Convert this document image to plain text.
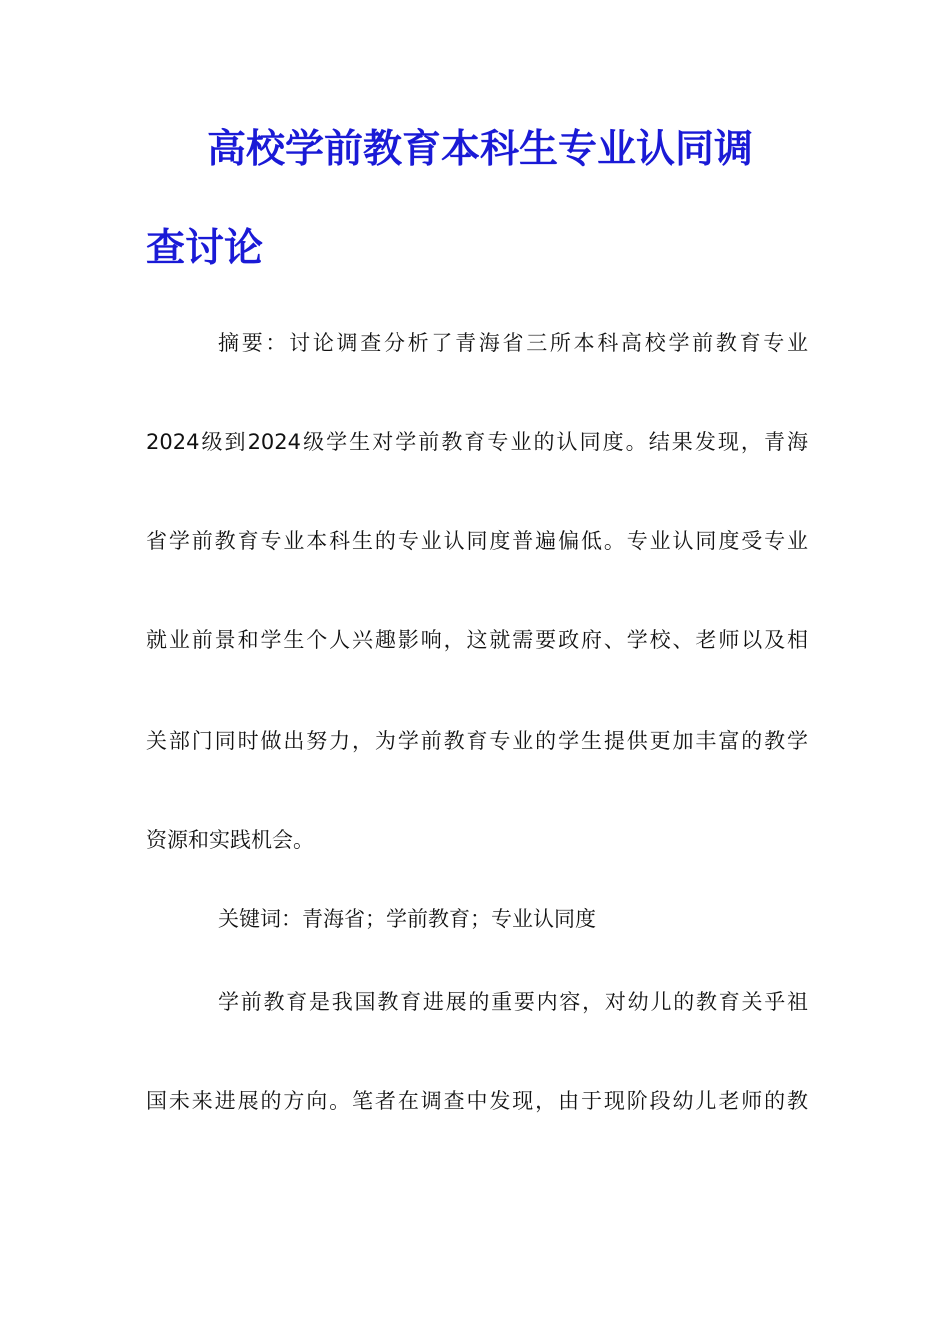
高校学前教育本科生专业认同调
查讨论
摘要：讨论调查分析了青海省三所本科高校学前教育专业
2024级到2024级学生对学前教育专业的认同度。结果发现，青海
省学前教育专业本科生的专业认同度普遍偏低。专业认同度受专业
就业前景和学生个人兴趣影响，这就需要政府、学校、老师以及相
关部门同时做出努力，为学前教育专业的学生提供更加丰富的教学
资源和实践机会。
关键词：青海省；学前教育；专业认同度
学前教育是我国教育进展的重要内容，对幼儿的教育关乎祖
国未来进展的方向。笔者在调查中发现，由于现阶段幼儿老师的教
